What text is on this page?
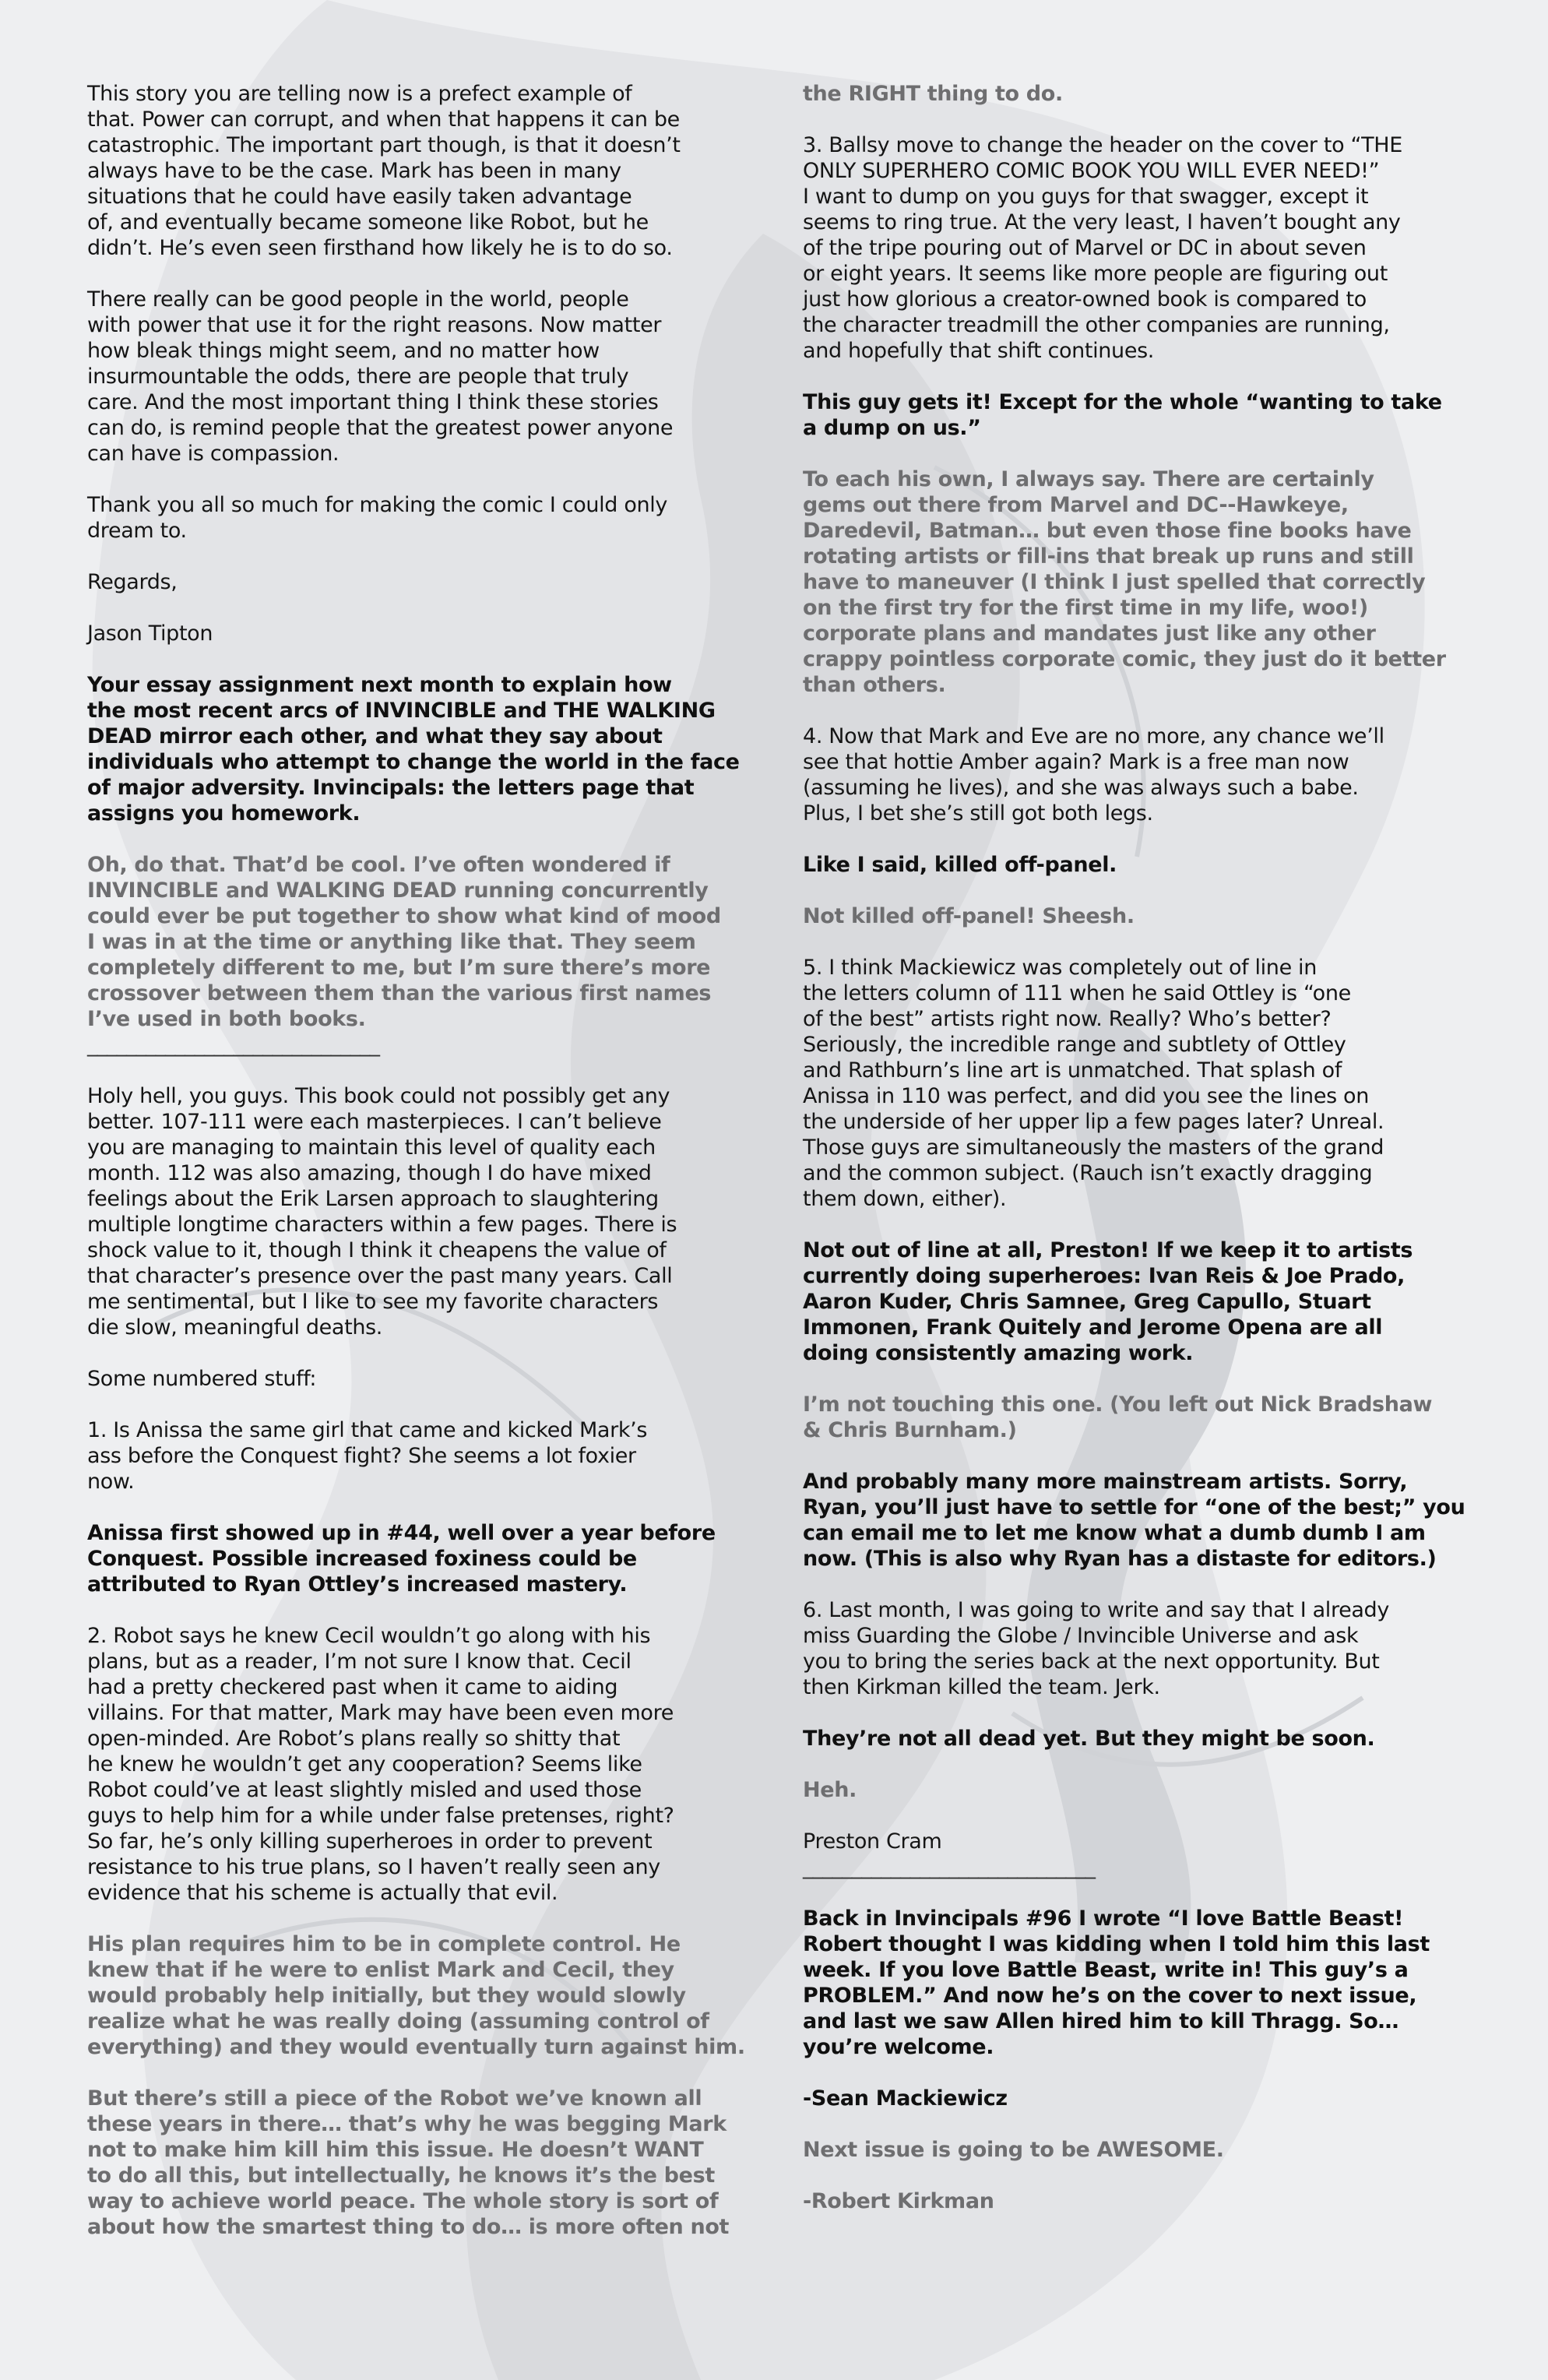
This story you are telling now is a prefect example of
that. Power can corrupt, and when that happens it can be
catastrophic. The important part though, is that it doesn’t
always have to be the case. Mark has been in many
situations that he could have easily taken advantage
of, and eventually became someone like Robot, but he
didn’t. He’s even seen firsthand how likely he is to do so.

There really can be good people in the world, people
with power that use it for the right reasons. Now matter
how bleak things might seem, and no matter how
insurmountable the odds, there are people that truly
care. And the most important thing I think these stories
can do, is remind people that the greatest power anyone
can have is compassion.

Thank you all so much for making the comic I could only
dream to.

Regards,

Jason Tipton

Your essay assignment next month to explain how
the most recent arcs of INVINCIBLE and THE WALKING
DEAD mirror each other, and what they say about
individuals who attempt to change the world in the face
of major adversity. Invincipals: the letters page that
assigns you homework.

Oh, do that. That’d be cool. I’ve often wondered if
INVINCIBLE and WALKING DEAD running concurrently
could ever be put together to show what kind of mood
I was in at the time or anything like that. They seem
completely different to me, but I’m sure there’s more
crossover between them than the various first names
I’ve used in both books.

______________________________

Holy hell, you guys. This book could not possibly get any
better. 107-111 were each masterpieces. I can’t believe
you are managing to maintain this level of quality each
month. 112 was also amazing, though I do have mixed
feelings about the Erik Larsen approach to slaughtering
multiple longtime characters within a few pages. There is
shock value to it, though I think it cheapens the value of
that character’s presence over the past many years. Call
me sentimental, but I like to see my favorite characters
die slow, meaningful deaths.

Some numbered stuff:

1. Is Anissa the same girl that came and kicked Mark’s
ass before the Conquest fight? She seems a lot foxier
now.

Anissa first showed up in #44, well over a year before
Conquest. Possible increased foxiness could be
attributed to Ryan Ottley’s increased mastery.

2. Robot says he knew Cecil wouldn’t go along with his
plans, but as a reader, I’m not sure I know that. Cecil
had a pretty checkered past when it came to aiding
villains. For that matter, Mark may have been even more
open-minded. Are Robot’s plans really so shitty that
he knew he wouldn’t get any cooperation? Seems like
Robot could’ve at least slightly misled and used those
guys to help him for a while under false pretenses, right?
So far, he’s only killing superheroes in order to prevent
resistance to his true plans, so I haven’t really seen any
evidence that his scheme is actually that evil.

His plan requires him to be in complete control. He
knew that if he were to enlist Mark and Cecil, they
would probably help initially, but they would slowly
realize what he was really doing (assuming control of
everything) and they would eventually turn against him.

But there’s still a piece of the Robot we’ve known all
these years in there… that’s why he was begging Mark
not to make him kill him this issue. He doesn’t WANT
to do all this, but intellectually, he knows it’s the best
way to achieve world peace. The whole story is sort of
about how the smartest thing to do… is more often not

the RIGHT thing to do.

3. Ballsy move to change the header on the cover to “THE
ONLY SUPERHERO COMIC BOOK YOU WILL EVER NEED!”
I want to dump on you guys for that swagger, except it
seems to ring true. At the very least, I haven’t bought any
of the tripe pouring out of Marvel or DC in about seven
or eight years. It seems like more people are figuring out
just how glorious a creator-owned book is compared to
the character treadmill the other companies are running,
and hopefully that shift continues.

This guy gets it! Except for the whole “wanting to take
a dump on us.”

To each his own, I always say. There are certainly
gems out there from Marvel and DC--Hawkeye,
Daredevil, Batman… but even those fine books have
rotating artists or fill-ins that break up runs and still
have to maneuver (I think I just spelled that correctly
on the first try for the first time in my life, woo!)
corporate plans and mandates just like any other
crappy pointless corporate comic, they just do it better
than others.

4. Now that Mark and Eve are no more, any chance we’ll
see that hottie Amber again? Mark is a free man now
(assuming he lives), and she was always such a babe.
Plus, I bet she’s still got both legs.

Like I said, killed off-panel.

Not killed off-panel! Sheesh.

5. I think Mackiewicz was completely out of line in
the letters column of 111 when he said Ottley is “one
of the best” artists right now. Really? Who’s better?
Seriously, the incredible range and subtlety of Ottley
and Rathburn’s line art is unmatched. That splash of
Anissa in 110 was perfect, and did you see the lines on
the underside of her upper lip a few pages later? Unreal.
Those guys are simultaneously the masters of the grand
and the common subject. (Rauch isn’t exactly dragging
them down, either).

Not out of line at all, Preston! If we keep it to artists
currently doing superheroes: Ivan Reis & Joe Prado,
Aaron Kuder, Chris Samnee, Greg Capullo, Stuart
Immonen, Frank Quitely and Jerome Opena are all
doing consistently amazing work.

I’m not touching this one. (You left out Nick Bradshaw
& Chris Burnham.)

And probably many more mainstream artists. Sorry,
Ryan, you’ll just have to settle for “one of the best;” you
can email me to let me know what a dumb dumb I am
now. (This is also why Ryan has a distaste for editors.)

6. Last month, I was going to write and say that I already
miss Guarding the Globe / Invincible Universe and ask
you to bring the series back at the next opportunity. But
then Kirkman killed the team. Jerk.

They’re not all dead yet. But they might be soon.

Heh.

Preston Cram

______________________________

Back in Invincipals #96 I wrote “I love Battle Beast!
Robert thought I was kidding when I told him this last
week. If you love Battle Beast, write in! This guy’s a
PROBLEM.” And now he’s on the cover to next issue,
and last we saw Allen hired him to kill Thragg. So…
you’re welcome.

-Sean Mackiewicz

Next issue is going to be AWESOME.

-Robert Kirkman
